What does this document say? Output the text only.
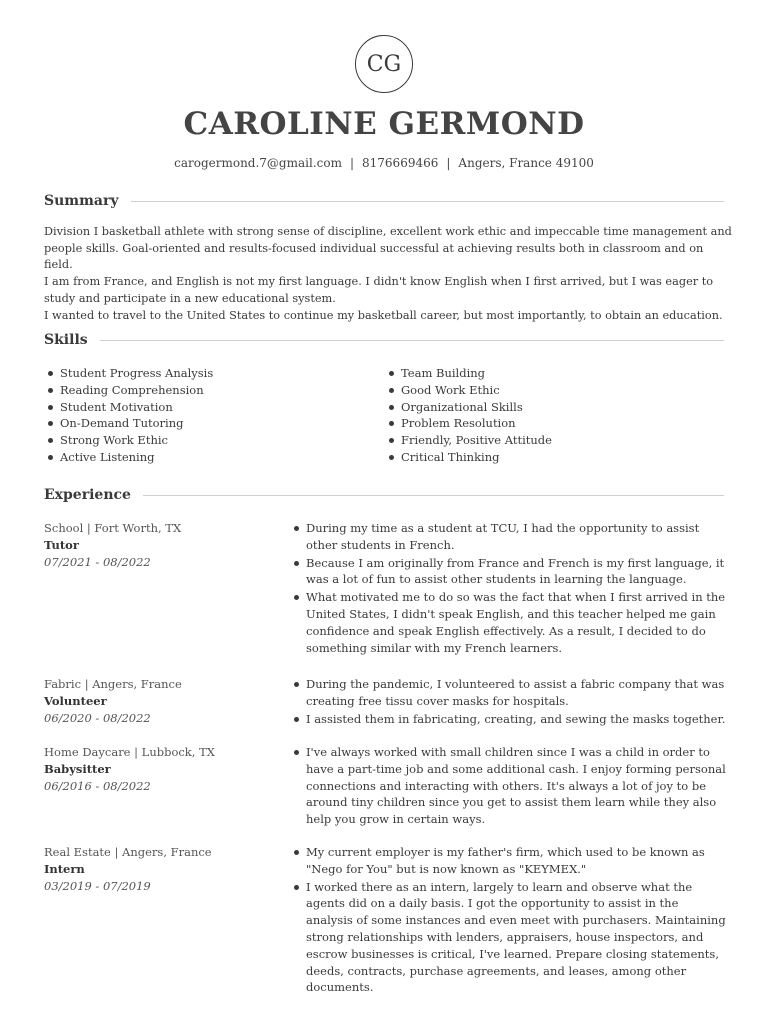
CG
CAROLINE GERMOND
carogermond.7@gmail.com | 8176669466 | Angers, France 49100
Summary

Division I basketball athlete with strong sense of discipline, excellent work ethic and impeccable time management and people skills. Goal-oriented and results-focused individual successful at achieving results both in classroom and on field.

I am from France, and English is not my first language. I didn't know English when I first arrived, but I was eager to study and participate in a new educational system.

I wanted to travel to the United States to continue my basketball career, but most importantly, to obtain an education.

Skills
Student Progress Analysis
Reading Comprehension
Student Motivation
On-Demand Tutoring
Strong Work Ethic
Active Listening
Team Building
Good Work Ethic
Organizational Skills
Problem Resolution
Friendly, Positive Attitude
Critical Thinking
Experience
School | Fort Worth, TX
Tutor
07/2021 - 08/2022
During my time as a student at TCU, I had the opportunity to assist other students in French.
Because I am originally from France and French is my first language, it was a lot of fun to assist other students in learning the language.
What motivated me to do so was the fact that when I first arrived in the United States, I didn't speak English, and this teacher helped me gain confidence and speak English effectively. As a result, I decided to do something similar with my French learners.
Fabric | Angers, France
Volunteer
06/2020 - 08/2022
During the pandemic, I volunteered to assist a fabric company that was creating free tissu cover masks for hospitals.
I assisted them in fabricating, creating, and sewing the masks together.
Home Daycare | Lubbock, TX
Babysitter
06/2016 - 08/2022
I've always worked with small children since I was a child in order to have a part-time job and some additional cash. I enjoy forming personal connections and interacting with others. It's always a lot of joy to be around tiny children since you get to assist them learn while they also help you grow in certain ways.
Real Estate | Angers, France
Intern
03/2019 - 07/2019
My current employer is my father's firm, which used to be known as "Nego for You" but is now known as "KEYMEX."
I worked there as an intern, largely to learn and observe what the agents did on a daily basis. I got the opportunity to assist in the analysis of some instances and even meet with purchasers. Maintaining strong relationships with lenders, appraisers, house inspectors, and escrow businesses is critical, I've learned. Prepare closing statements, deeds, contracts, purchase agreements, and leases, among other documents.
